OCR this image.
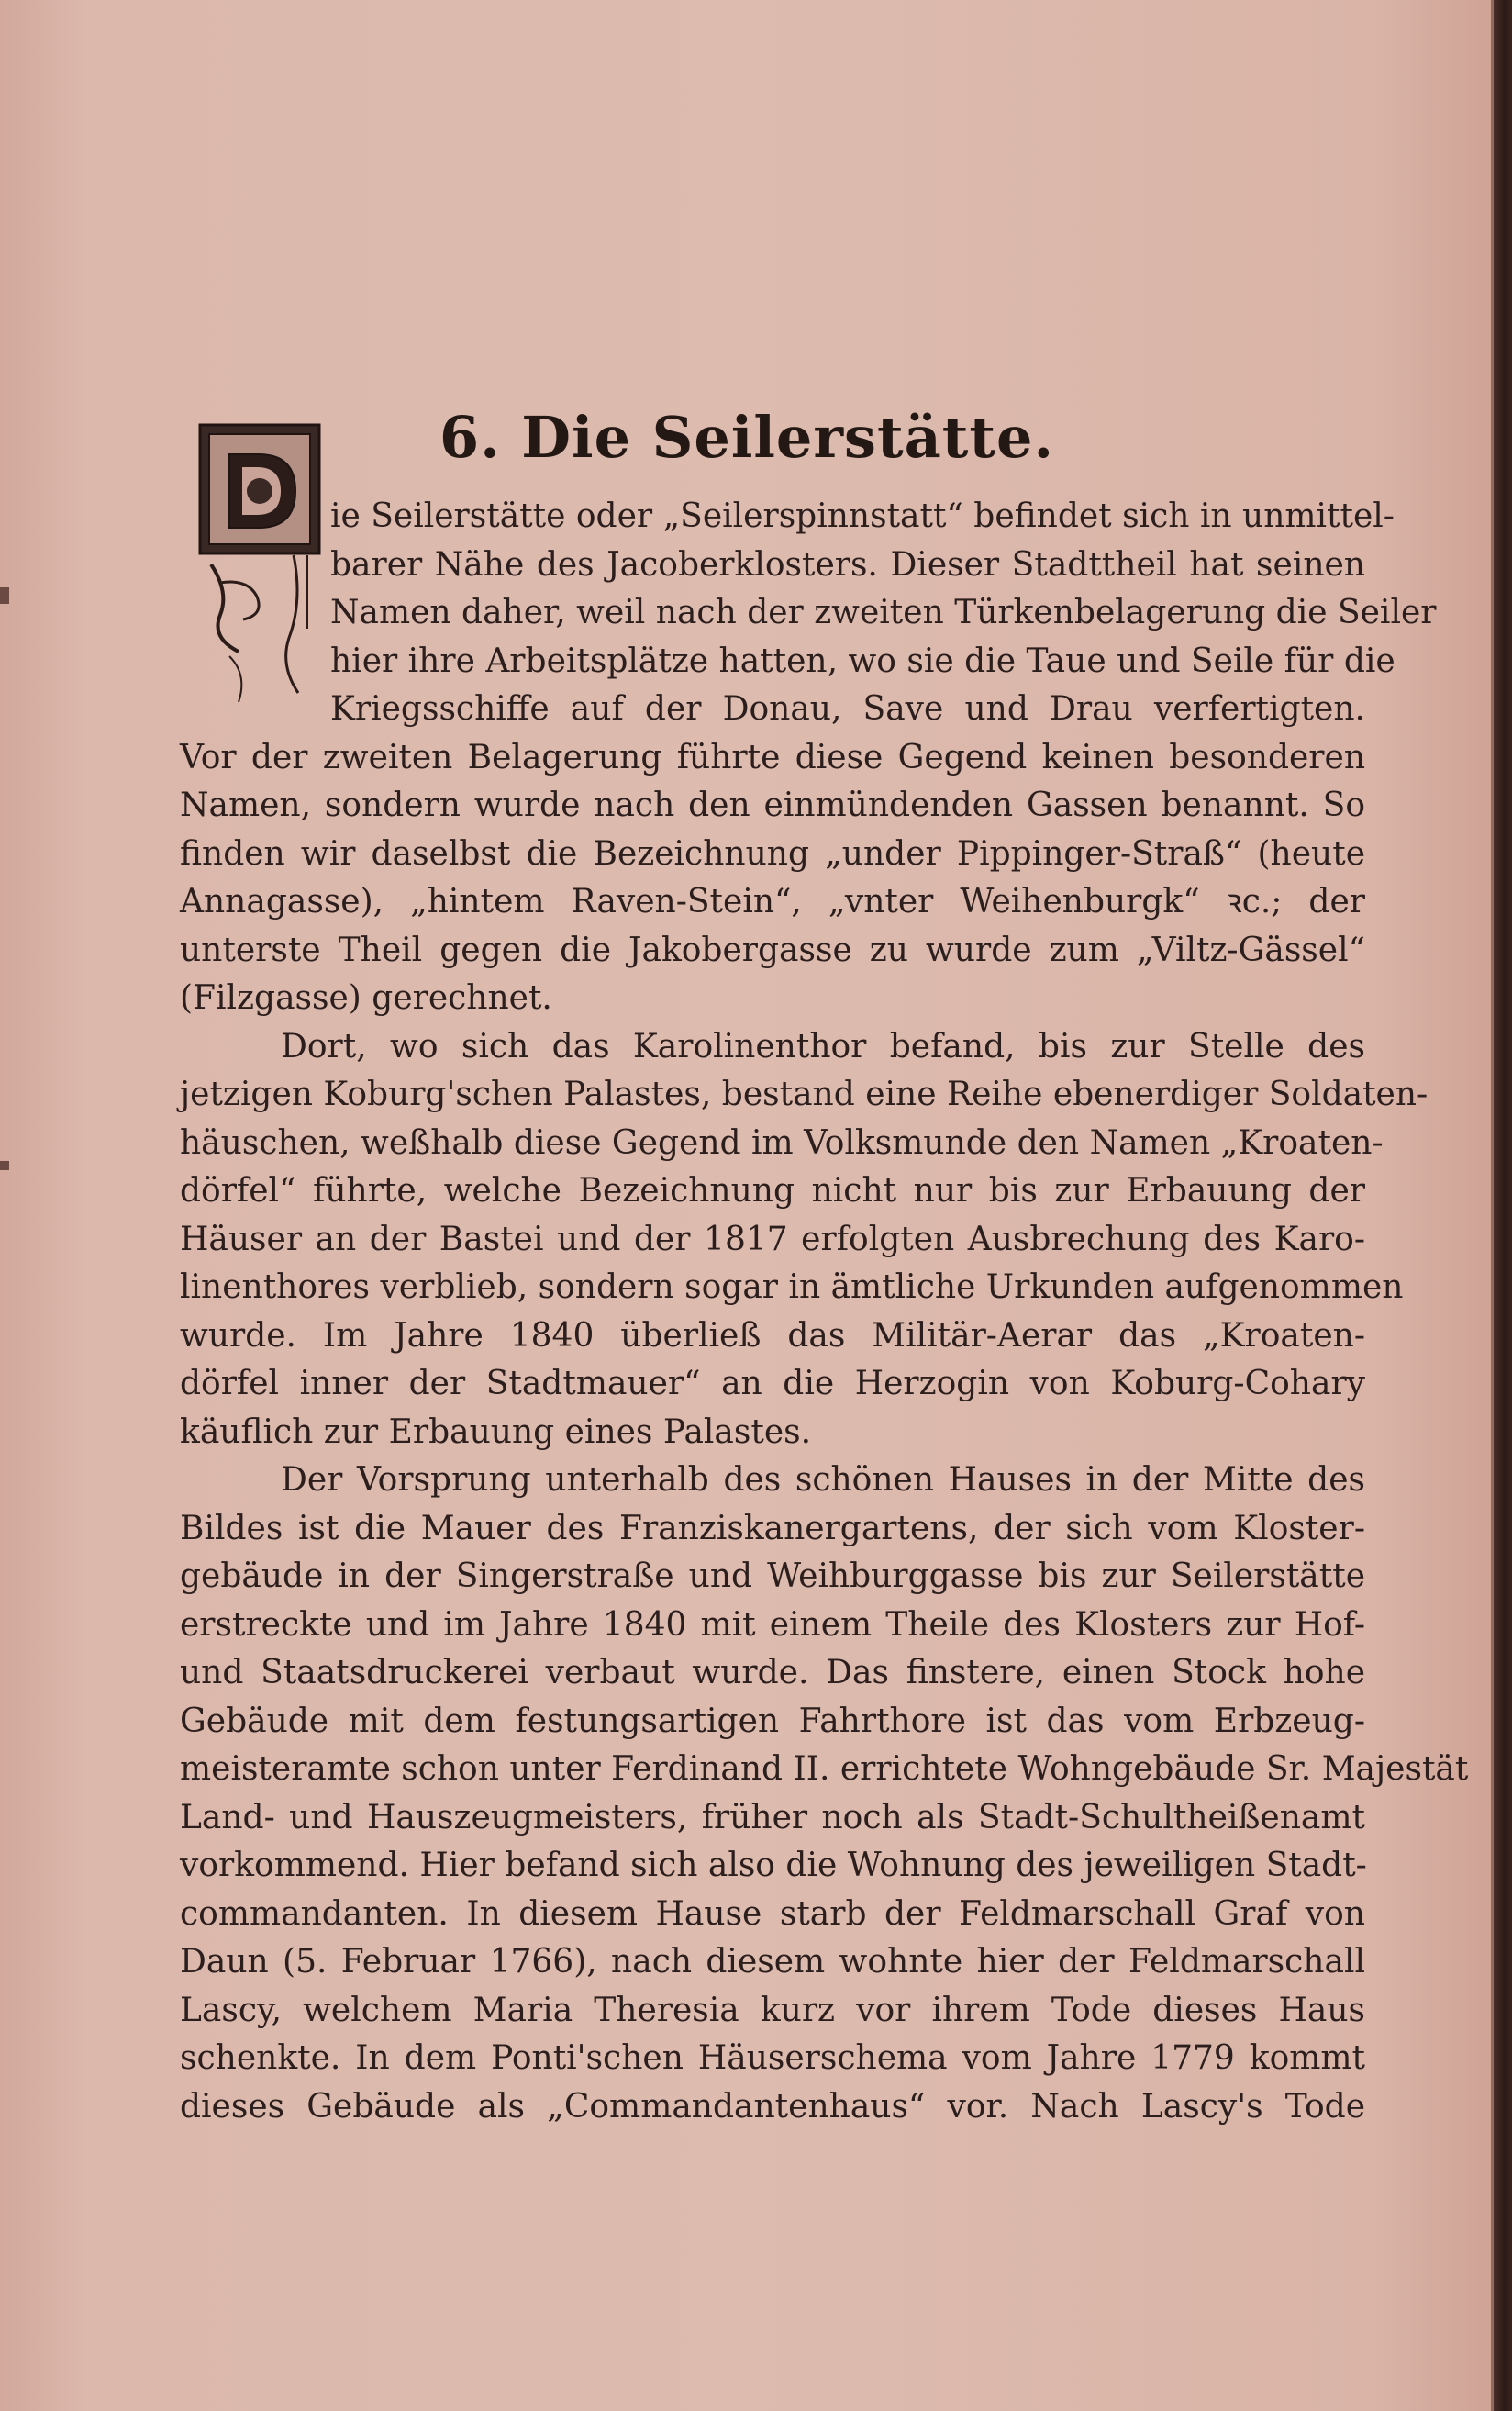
6. Die Seilerstätte.
ie Seilerstätte oder „Seilerspinnstatt“ befindet sich in unmittel-
barer Nähe des Jacoberklosters. Dieser Stadttheil hat seinen
Namen daher, weil nach der zweiten Türkenbelagerung die Seiler
hier ihre Arbeitsplätze hatten, wo sie die Taue und Seile für die
Kriegsschiffe auf der Donau, Save und Drau verfertigten.
Vor der zweiten Belagerung führte diese Gegend keinen besonderen
Namen, sondern wurde nach den einmündenden Gassen benannt. So
finden wir daselbst die Bezeichnung „under Pippinger-Straß“ (heute
Annagasse), „hintem Raven-Stein“, „vnter Weihenburgk“ ꝛc.; der
unterste Theil gegen die Jakobergasse zu wurde zum „Viltz-Gässel“
(Filzgasse) gerechnet.
Dort, wo sich das Karolinenthor befand, bis zur Stelle des
jetzigen Koburg'schen Palastes, bestand eine Reihe ebenerdiger Soldaten-
häuschen, weßhalb diese Gegend im Volksmunde den Namen „Kroaten-
dörfel“ führte, welche Bezeichnung nicht nur bis zur Erbauung der
Häuser an der Bastei und der 1817 erfolgten Ausbrechung des Karo-
linenthores verblieb, sondern sogar in ämtliche Urkunden aufgenommen
wurde. Im Jahre 1840 überließ das Militär-Aerar das „Kroaten-
dörfel inner der Stadtmauer“ an die Herzogin von Koburg-Cohary
käuflich zur Erbauung eines Palastes.
Der Vorsprung unterhalb des schönen Hauses in der Mitte des
Bildes ist die Mauer des Franziskanergartens, der sich vom Kloster-
gebäude in der Singerstraße und Weihburggasse bis zur Seilerstätte
erstreckte und im Jahre 1840 mit einem Theile des Klosters zur Hof-
und Staatsdruckerei verbaut wurde. Das finstere, einen Stock hohe
Gebäude mit dem festungsartigen Fahrthore ist das vom Erbzeug-
meisteramte schon unter Ferdinand II. errichtete Wohngebäude Sr. Majestät
Land- und Hauszeugmeisters, früher noch als Stadt-Schultheißenamt
vorkommend. Hier befand sich also die Wohnung des jeweiligen Stadt-
commandanten. In diesem Hause starb der Feldmarschall Graf von
Daun (5. Februar 1766), nach diesem wohnte hier der Feldmarschall
Lascy, welchem Maria Theresia kurz vor ihrem Tode dieses Haus
schenkte. In dem Ponti'schen Häuserschema vom Jahre 1779 kommt
dieses Gebäude als „Commandantenhaus“ vor. Nach Lascy's Tode
